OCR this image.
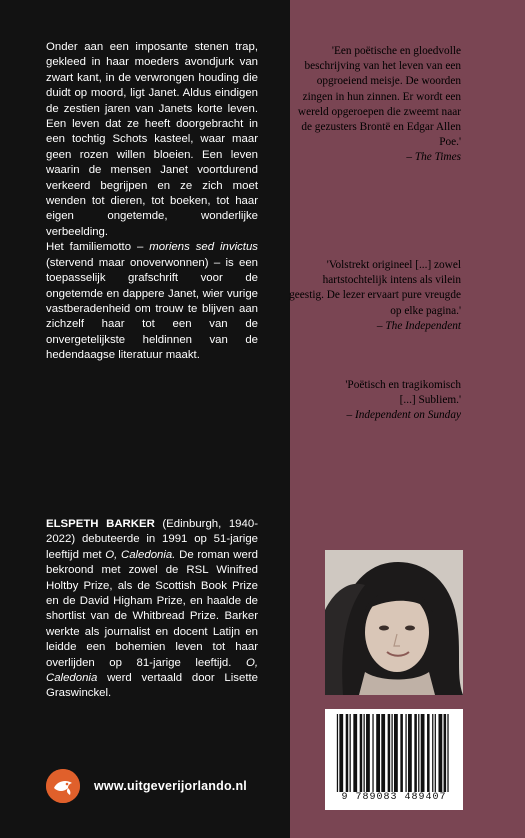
Onder aan een imposante stenen trap, gekleed in haar moeders avondjurk van zwart kant, in de verwrongen houding die duidt op moord, ligt Janet. Aldus eindigen de zestien jaren van Janets korte leven. Een leven dat ze heeft doorgebracht in een tochtig Schots kasteel, waar maar geen rozen willen bloeien. Een leven waarin de mensen Janet voortdurend verkeerd begrijpen en ze zich moet wenden tot dieren, tot boeken, tot haar eigen ongetemde, wonderlijke verbeelding.

Het familiemotto – moriens sed invictus (stervend maar onoverwonnen) – is een toepasselijk grafschrift voor de ongetemde en dappere Janet, wier vurige vastberadenheid om trouw te blijven aan zichzelf haar tot een van de onvergetelijkste heldinnen van de hedendaagse literatuur maakt.

ELSPETH BARKER (Edinburgh, 1940-2022) debuteerde in 1991 op 51-jarige leeftijd met O, Caledonia. De roman werd bekroond met zowel de RSL Winifred Holtby Prize, als de Scottish Book Prize en de David Higham Prize, en haalde de shortlist van de Whitbread Prize. Barker werkte als journalist en docent Latijn en leidde een bohemien leven tot haar overlijden op 81-jarige leeftijd. O, Caledonia werd vertaald door Lisette Graswinckel.

www.uitgeverijorlando.nl

'Een poëtische en gloedvolle beschrijving van het leven van een opgroeiend meisje. De woorden zingen in hun zinnen. Er wordt een wereld opgeroepen die zweemt naar de gezusters Brontë en Edgar Allen Poe.'

– The Times

'Volstrekt origineel [...] zowel hartstochtelijk intens als vilein geestig. De lezer ervaart pure vreugde op elke pagina.'

– The Independent

'Poëtisch en tragikomisch [...] Subliem.'

– Independent on Sunday

9 789083 489407
